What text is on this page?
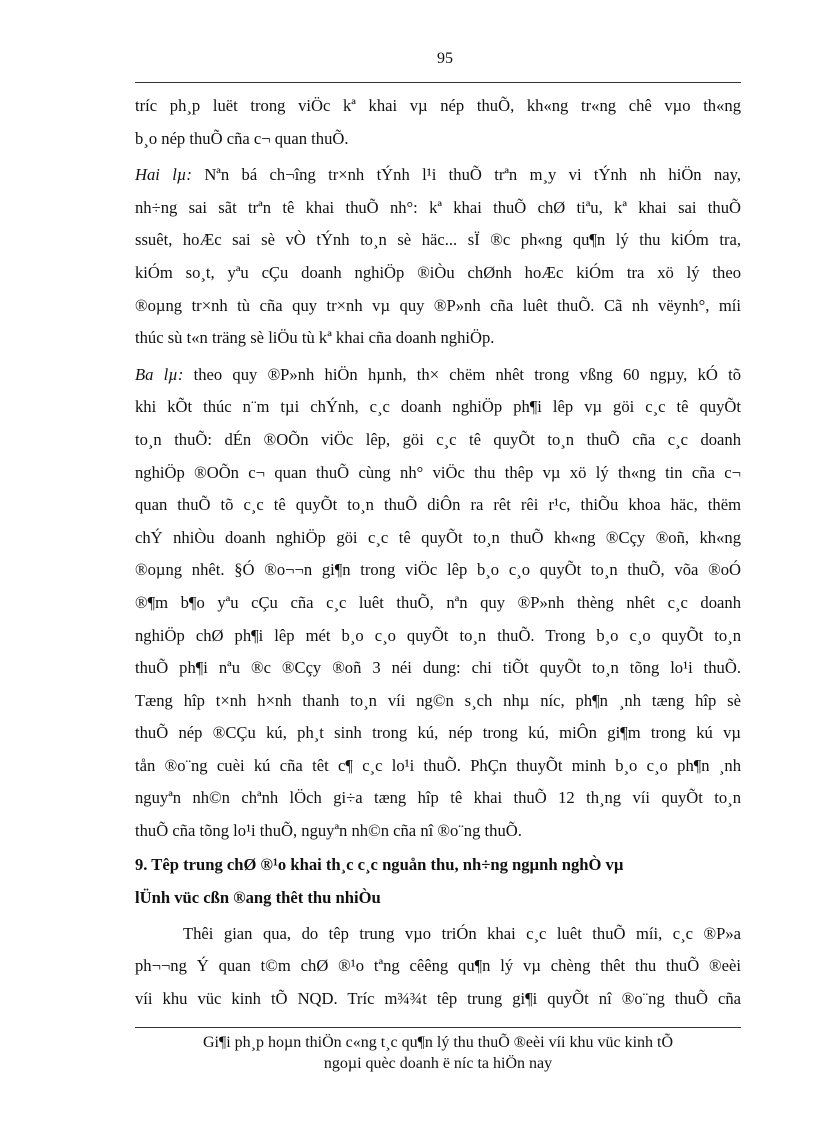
95
tríc ph¸p luët trong viÖc kª khai vµ nép thuÕ, kh«ng tr«ng chê vµo th«ng
b¸o nép thuÕ cña c¬ quan thuÕ.
Hai lµ: Nªn bá ch¬îng tr×nh tÝnh l¹i thuÕ trªn m¸y vi tÝnh nh hiÖn nay,
nh÷ng sai sãt trªn tê khai thuÕ nh°: kª khai thuÕ chØ tiªu, kª khai sai thuÕ
ssuêt, hoÆc sai sè vÒ tÝnh to¸n sè häc... sÏ ®c ph«ng qu¶n lý thu kiÓm tra,
kiÓm so¸t, yªu cÇu doanh nghiÖp ®iÒu chØnh hoÆc kiÓm tra xö lý theo
®oµng tr×nh tù cña quy tr×nh vµ quy ®P»nh cña luêt thuÕ. Cã nh vëynh°, míi
thúc sù t«n träng sè liÖu tù kª khai cña doanh nghiÖp.
Ba lµ: theo quy ®P»nh hiÖn hµnh, th× chëm nhêt trong vßng 60 ngµy, kÓ tõ
khi kÕt thúc n¨m tµi chÝnh, c¸c doanh nghiÖp ph¶i lêp vµ göi c¸c tê quyÕt
to¸n thuÕ: dÉn ®OÕn viÖc lêp, göi c¸c tê quyÕt to¸n thuÕ cña c¸c doanh
nghiÖp ®OÕn c¬ quan thuÕ cùng nh° viÖc thu thêp vµ xö lý th«ng tin cña c¬
quan thuÕ tõ c¸c tê quyÕt to¸n thuÕ diÔn ra rêt rêi r¹c, thiÕu khoa häc, thëm
chÝ nhiÒu doanh nghiÖp göi c¸c tê quyÕt to¸n thuÕ kh«ng ®Cçy ®oñ, kh«ng
®oµng nhêt. §Ó ®o¬¬n gi¶n trong viÖc lêp b¸o c¸o quyÕt to¸n thuÕ, võa ®oÓ
®¶m b¶o yªu cÇu cña c¸c luêt thuÕ, nªn quy ®P»nh thèng nhêt c¸c doanh
nghiÖp chØ ph¶i lêp mét b¸o c¸o quyÕt to¸n thuÕ. Trong b¸o c¸o quyÕt to¸n
thuÕ ph¶i nªu ®c ®Cçy ®oñ 3 néi dung: chi tiÕt quyÕt to¸n tõng lo¹i thuÕ.
Tæng hîp t×nh h×nh thanh to¸n víi ng©n s¸ch nhµ níc, ph¶n ¸nh tæng hîp sè
thuÕ nép ®CÇu kú, ph¸t sinh trong kú, nép trong kú, miÔn gi¶m trong kú vµ
tån ®o¨ng cuèi kú cña têt c¶ c¸c lo¹i thuÕ. PhÇn thuyÕt minh b¸o c¸o ph¶n ¸nh
nguyªn nh©n chªnh lÖch gi÷a tæng hîp tê khai thuÕ 12 th¸ng víi quyÕt to¸n
thuÕ cña tõng lo¹i thuÕ, nguyªn nh©n cña nî ®o¨ng thuÕ.
9. Têp trung chØ ®¹o khai th¸c c¸c nguån thu, nh÷ng ngµnh nghÒ vµ
lÜnh vüc cßn ®ang thêt thu nhiÒu
Thêi gian qua, do têp trung vµo triÓn khai c¸c luêt thuÕ míi, c¸c ®P»a
ph¬¬ng Ý quan t©m chØ ®¹o tªng cêêng qu¶n lý vµ chèng thêt thu thuÕ ®eèi
víi khu vüc kinh tÕ NQD. Tríc m¾¾t têp trung gi¶i quyÕt nî ®o¨ng thuÕ cña
Gi¶i ph¸p hoµn thiÖn c«ng t¸c qu¶n lý thu thuÕ ®eèi víi khu vüc kinh tÕ
ngoµi quèc doanh ë níc ta hiÖn nay
